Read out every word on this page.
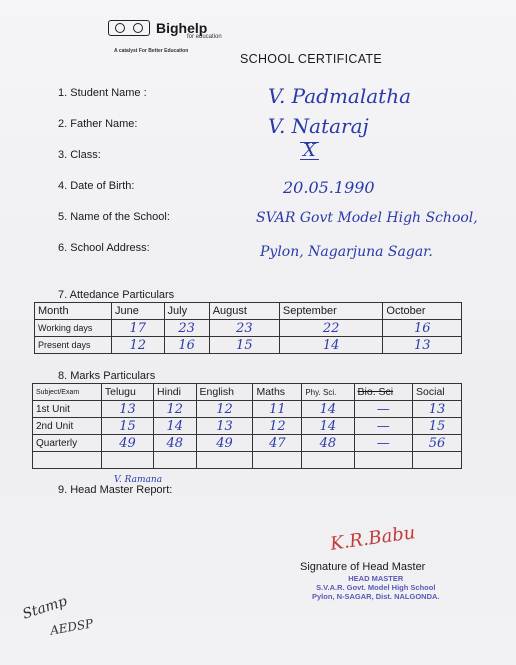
Bighelp
for education
A catalyst For Better Education
SCHOOL CERTIFICATE
1. Student Name :	V. Padmalatha
2. Father Name:	V. Nataraj
3. Class:	X
4. Date of Birth:	20.05.1990
5. Name of the School:	SVAR Govt Model High School,
6. School Address:	Pylon, Nagarjuna Sagar.
7. Attedance Particulars
Month	June	July	August	September	October
Working days	17	23	23	22	16
Present days	12	16	15	14	13
8. Marks Particulars
Subject/Exam	Telugu	Hindi	English	Maths	Phy. Sci.	Bio. Sci	Social
1st Unit	13	12	12	11	14	—	13
2nd Unit	15	14	13	12	14	—	15
Quarterly	49	48	49	47	48	—	56

V. Ramana
9. Head Master Report:
K.R.Babu
Signature of Head Master
HEAD MASTER
S.V.A.R. Govt. Model High School
Pylon, N-SAGAR, Dist. NALGONDA.
Stamp
AEDSP
